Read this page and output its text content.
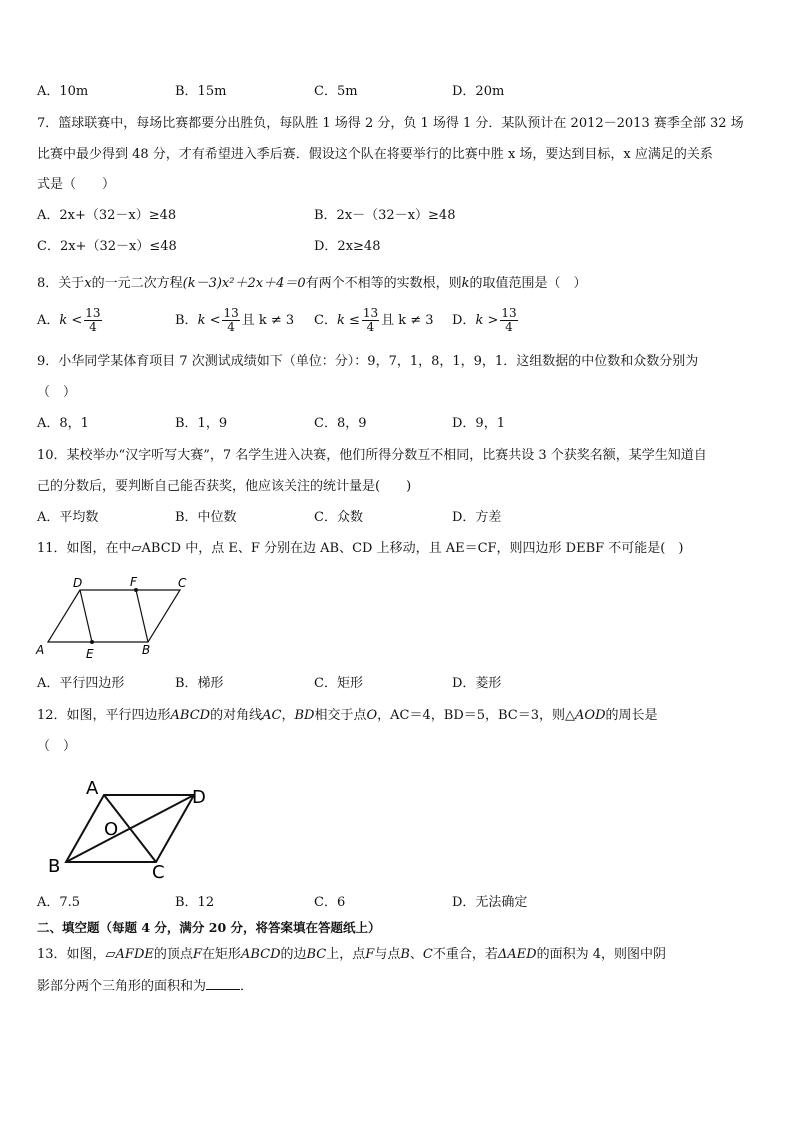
A．10m	B．15m	C．5m	D．20m
7．篮球联赛中，每场比赛都要分出胜负，每队胜 1 场得 2 分，负 1 场得 1 分．某队预计在 2012－2013 赛季全部 32 场
比赛中最少得到 48 分，才有希望进入季后赛．假设这个队在将要举行的比赛中胜 x 场，要达到目标，x 应满足的关系
式是（　　）
A．2x+（32－x）≥48	B．2x－（32－x）≥48
C．2x+（32－x）≤48	D．2x≥48
8．关于x的一元二次方程(k－3)x²＋2x＋4＝0有两个不相等的实数根，则k的取值范围是（　）
A．$k < \frac{13}{4}$	B．$k < \frac{13}{4}$ 且 k ≠ 3 C．$k \le \frac{13}{4}$ 且 k ≠ 3 D．$k > \frac{13}{4}$
9．小华同学某体育项目 7 次测试成绩如下（单位：分）：9，7，1，8，1，9，1．这组数据的中位数和众数分别为
（　）
A．8，1	B．1，9	C．8，9	D．9，1
10．某校举办“汉字听写大赛”，7 名学生进入决赛，他们所得分数互不相同，比赛共设 3 个获奖名额，某学生知道自
己的分数后，要判断自己能否获奖，他应该关注的统计量是(　　)
A．平均数	B．中位数	C．众数	D．方差
11．如图，在中▱ABCD 中，点 E、F 分别在边 AB、CD 上移动，且 AE＝CF，则四边形 DEBF 不可能是(　)
A	B
C
D
E
F
A．平行四边形	B．梯形	C．矩形	D．菱形
12．如图，平行四边形ABCD的对角线AC，BD相交于点O，AC＝4，BD＝5，BC＝3，则△AOD的周长是
（　）
A	D
B	C
O
A．7.5	B．12	C．6	D．无法确定
二、填空题（每题 4 分，满分 20 分，将答案填在答题纸上）
13．如图，▱AFDE的顶点F在矩形ABCD的边BC上，点F与点B、C不重合，若ΔAED的面积为 4，则图中阴
影部分两个三角形的面积和为	．
